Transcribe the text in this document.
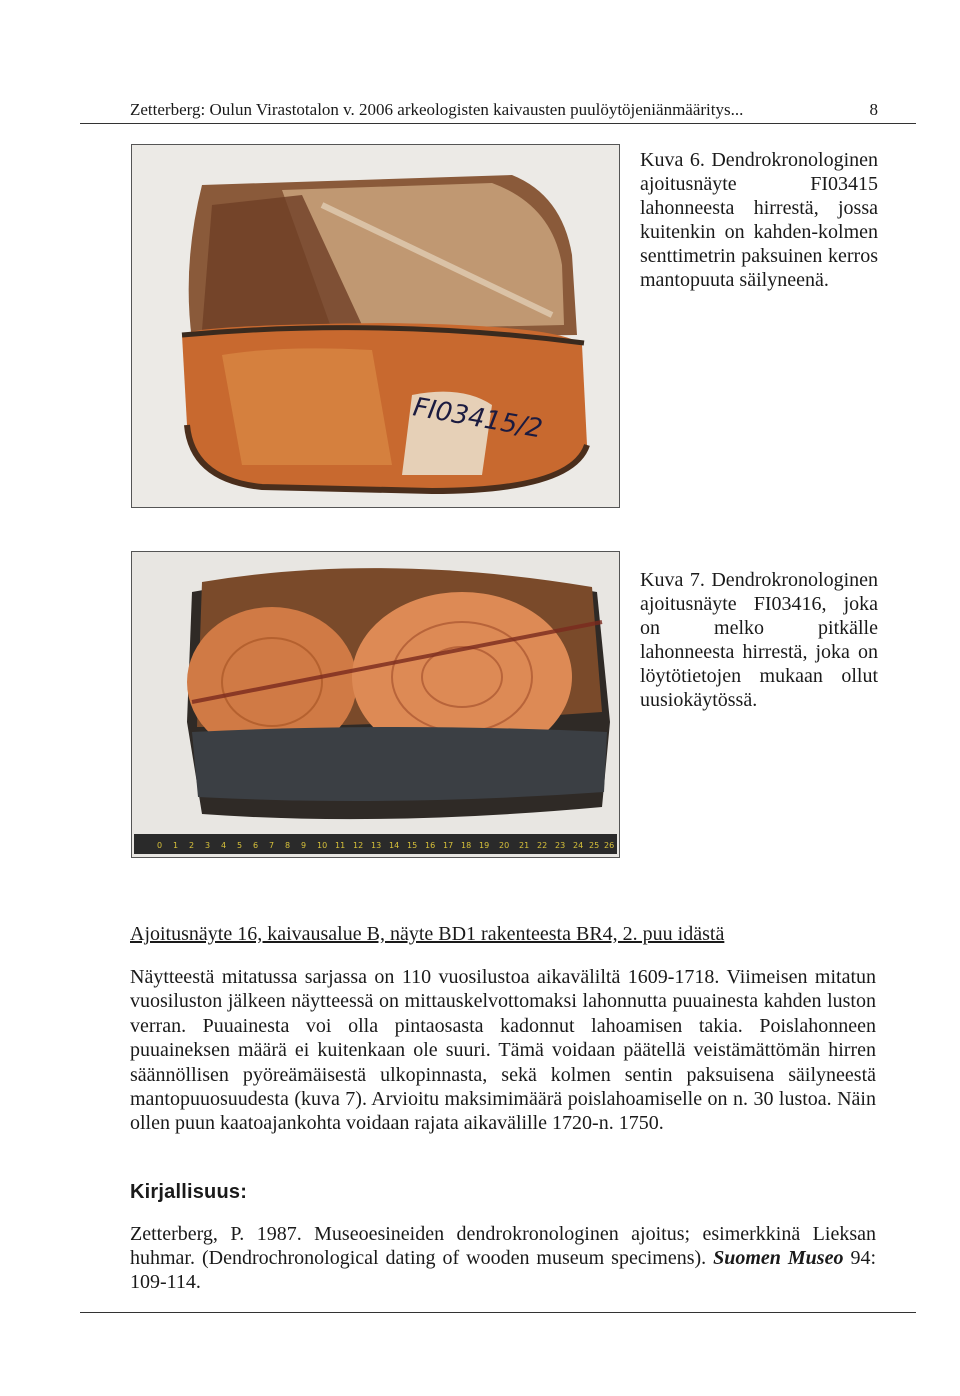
Zetterberg: Oulun Virastotalon v. 2006 arkeologisten kaivausten puulöytöjeniänmääritys...	8
FI03415/2
Kuva 6. Dendrokronologinen ajoitusnäyte FI03415 lahonneesta hirrestä, jossa kuitenkin on kahden-kolmen senttimetrin paksuinen kerros mantopuuta säilyneenä.
0 1 2 3 4 5 6 7 8 9 10 11 12 13 14 15 16 17 18 19 20 21 22 23 24 25 26
Kuva 7. Dendrokronologinen ajoitusnäyte FI03416, joka on melko pitkälle lahonneesta hirrestä, joka on löytötietojen mukaan ollut uusiokäytössä.
Ajoitusnäyte 16, kaivausalue B, näyte BD1 rakenteesta BR4, 2. puu idästä
Näytteestä mitatussa sarjassa on 110 vuosilustoa aikaväliltä 1609-1718. Viimeisen mitatun vuosiluston jälkeen näytteessä on mittauskelvottomaksi lahonnutta puuainesta kahden luston verran. Puuainesta voi olla pintaosasta kadonnut lahoamisen takia. Poislahonneen puuaineksen määrä ei kuitenkaan ole suuri. Tämä voidaan päätellä veistämättömän hirren säännöllisen pyöreämäisestä ulkopinnasta, sekä kolmen sentin paksuisena säilyneestä mantopuuosuudesta (kuva 7). Arvioitu maksimimäärä poislahoamiselle on n. 30 lustoa. Näin ollen puun kaatoajankohta voidaan rajata aikavälille 1720-n. 1750.
Kirjallisuus:
Zetterberg, P. 1987. Museoesineiden dendrokronologinen ajoitus; esimerkkinä Lieksan huhmar. (Dendrochronological dating of wooden museum specimens). Suomen Museo 94: 109-114.
